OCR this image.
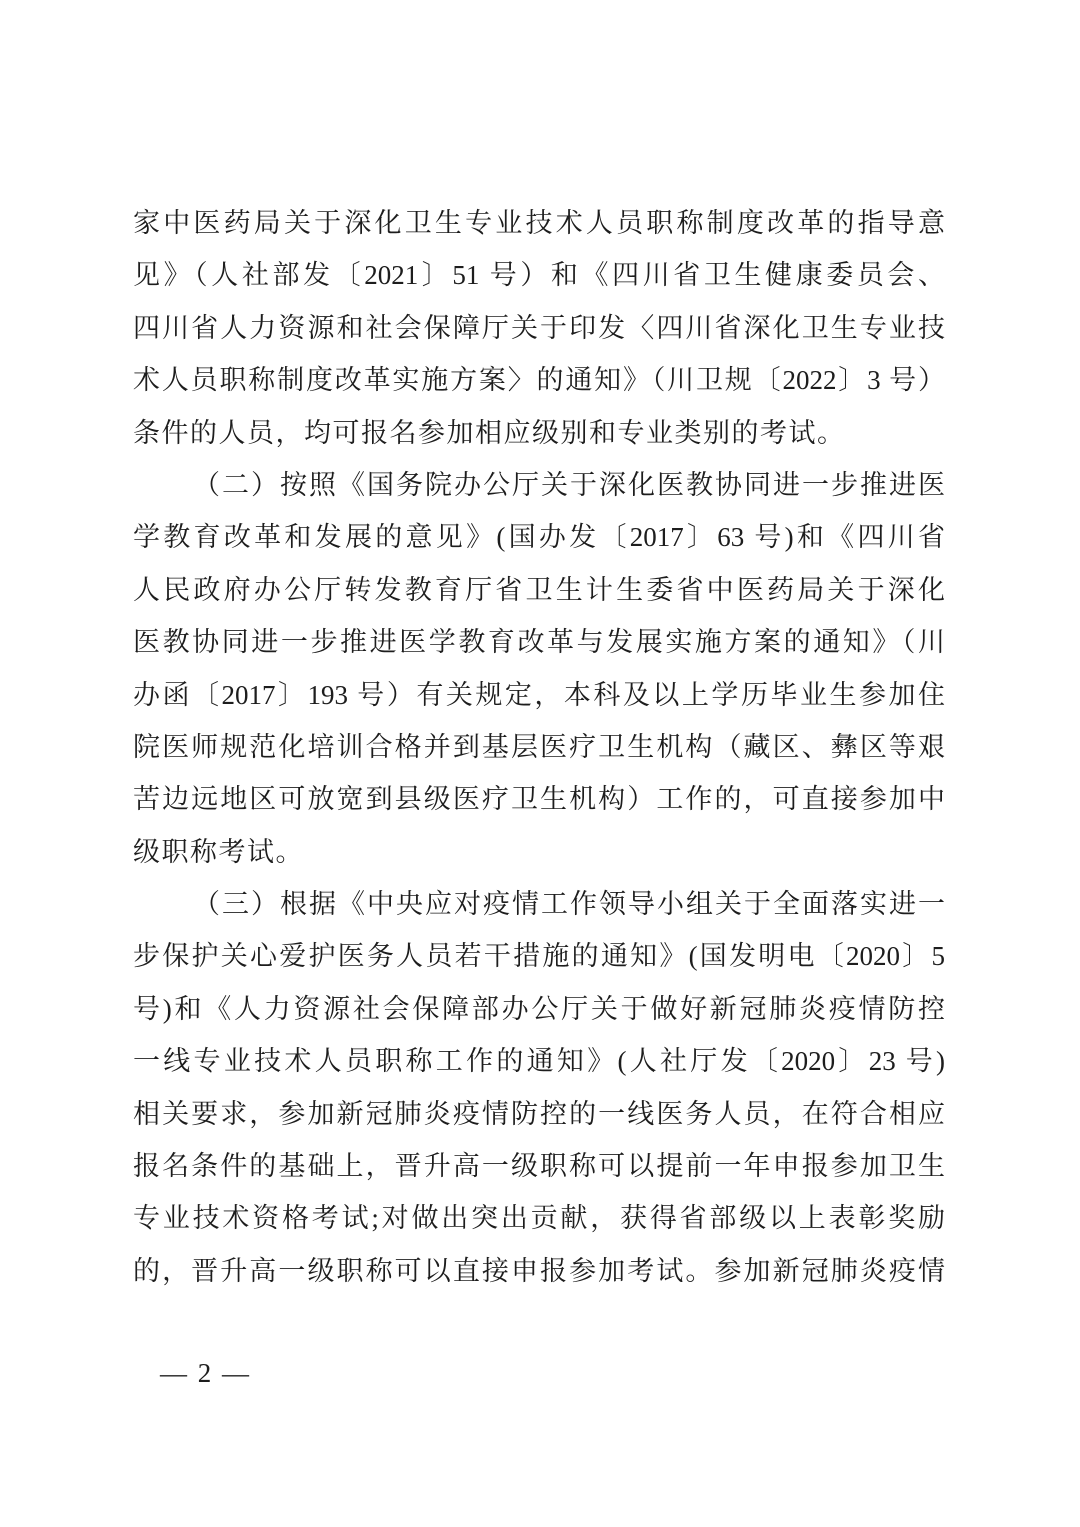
家中医药局关于深化卫生专业技术人员职称制度改革的指导意
见》（人社部发〔2021〕51 号）和《四川省卫生健康委员会、
四川省人力资源和社会保障厅关于印发〈四川省深化卫生专业技
术人员职称制度改革实施方案〉的通知》（川卫规〔2022〕3 号）
条件的人员，均可报名参加相应级别和专业类别的考试。
（二）按照《国务院办公厅关于深化医教协同进一步推进医
学教育改革和发展的意见》(国办发〔2017〕63 号)和《四川省
人民政府办公厅转发教育厅省卫生计生委省中医药局关于深化
医教协同进一步推进医学教育改革与发展实施方案的通知》（川
办函〔2017〕193 号）有关规定，本科及以上学历毕业生参加住
院医师规范化培训合格并到基层医疗卫生机构（藏区、彝区等艰
苦边远地区可放宽到县级医疗卫生机构）工作的，可直接参加中
级职称考试。
（三）根据《中央应对疫情工作领导小组关于全面落实进一
步保护关心爱护医务人员若干措施的通知》(国发明电〔2020〕5
号)和《人力资源社会保障部办公厅关于做好新冠肺炎疫情防控
一线专业技术人员职称工作的通知》(人社厅发〔2020〕23 号)
相关要求，参加新冠肺炎疫情防控的一线医务人员，在符合相应
报名条件的基础上，晋升高一级职称可以提前一年申报参加卫生
专业技术资格考试;对做出突出贡献，获得省部级以上表彰奖励
的，晋升高一级职称可以直接申报参加考试。参加新冠肺炎疫情
— 2 —
